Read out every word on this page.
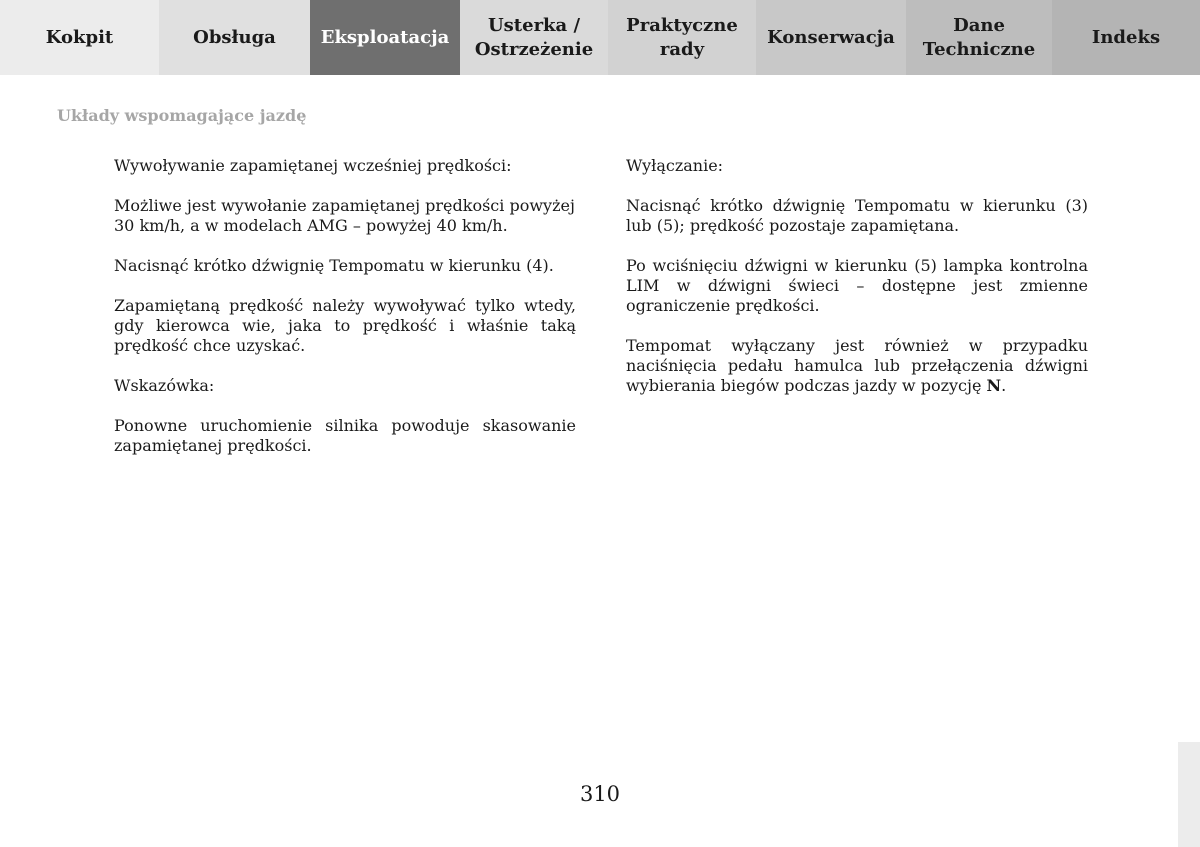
Kokpit	Obsługa Eksploatacja
Usterka /
Ostrzeżenie
Praktyczne
rady
Konserwacja
Dane
Techniczne
Indeks
Układy wspomagające jazdę

Wywoływanie zapamiętanej wcześniej prędkości:

Możliwe jest wywołanie zapamiętanej prędkości powyżej 30 km/h, a w modelach AMG – powyżej 40 km/h.

Nacisnąć krótko dźwignię Tempomatu w kierunku (4).

Zapamiętaną prędkość należy wywoływać tylko wtedy, gdy kierowca wie, jaka to prędkość i właśnie taką prędkość chce uzyskać.

Wskazówka:

Ponowne uruchomienie silnika powoduje skasowanie zapamiętanej prędkości.

Wyłączanie:

Nacisnąć krótko dźwignię Tempomatu w kierunku (3) lub (5); prędkość pozostaje zapamiętana.

Po wciśnięciu dźwigni w kierunku (5) lampka kontrolna LIM w dźwigni świeci – dostępne jest zmienne ograniczenie prędkości.

Tempomat wyłączany jest również w przypadku naciśnięcia pedału hamulca lub przełączenia dźwigni wybierania biegów podczas jazdy w pozycję N.

310
